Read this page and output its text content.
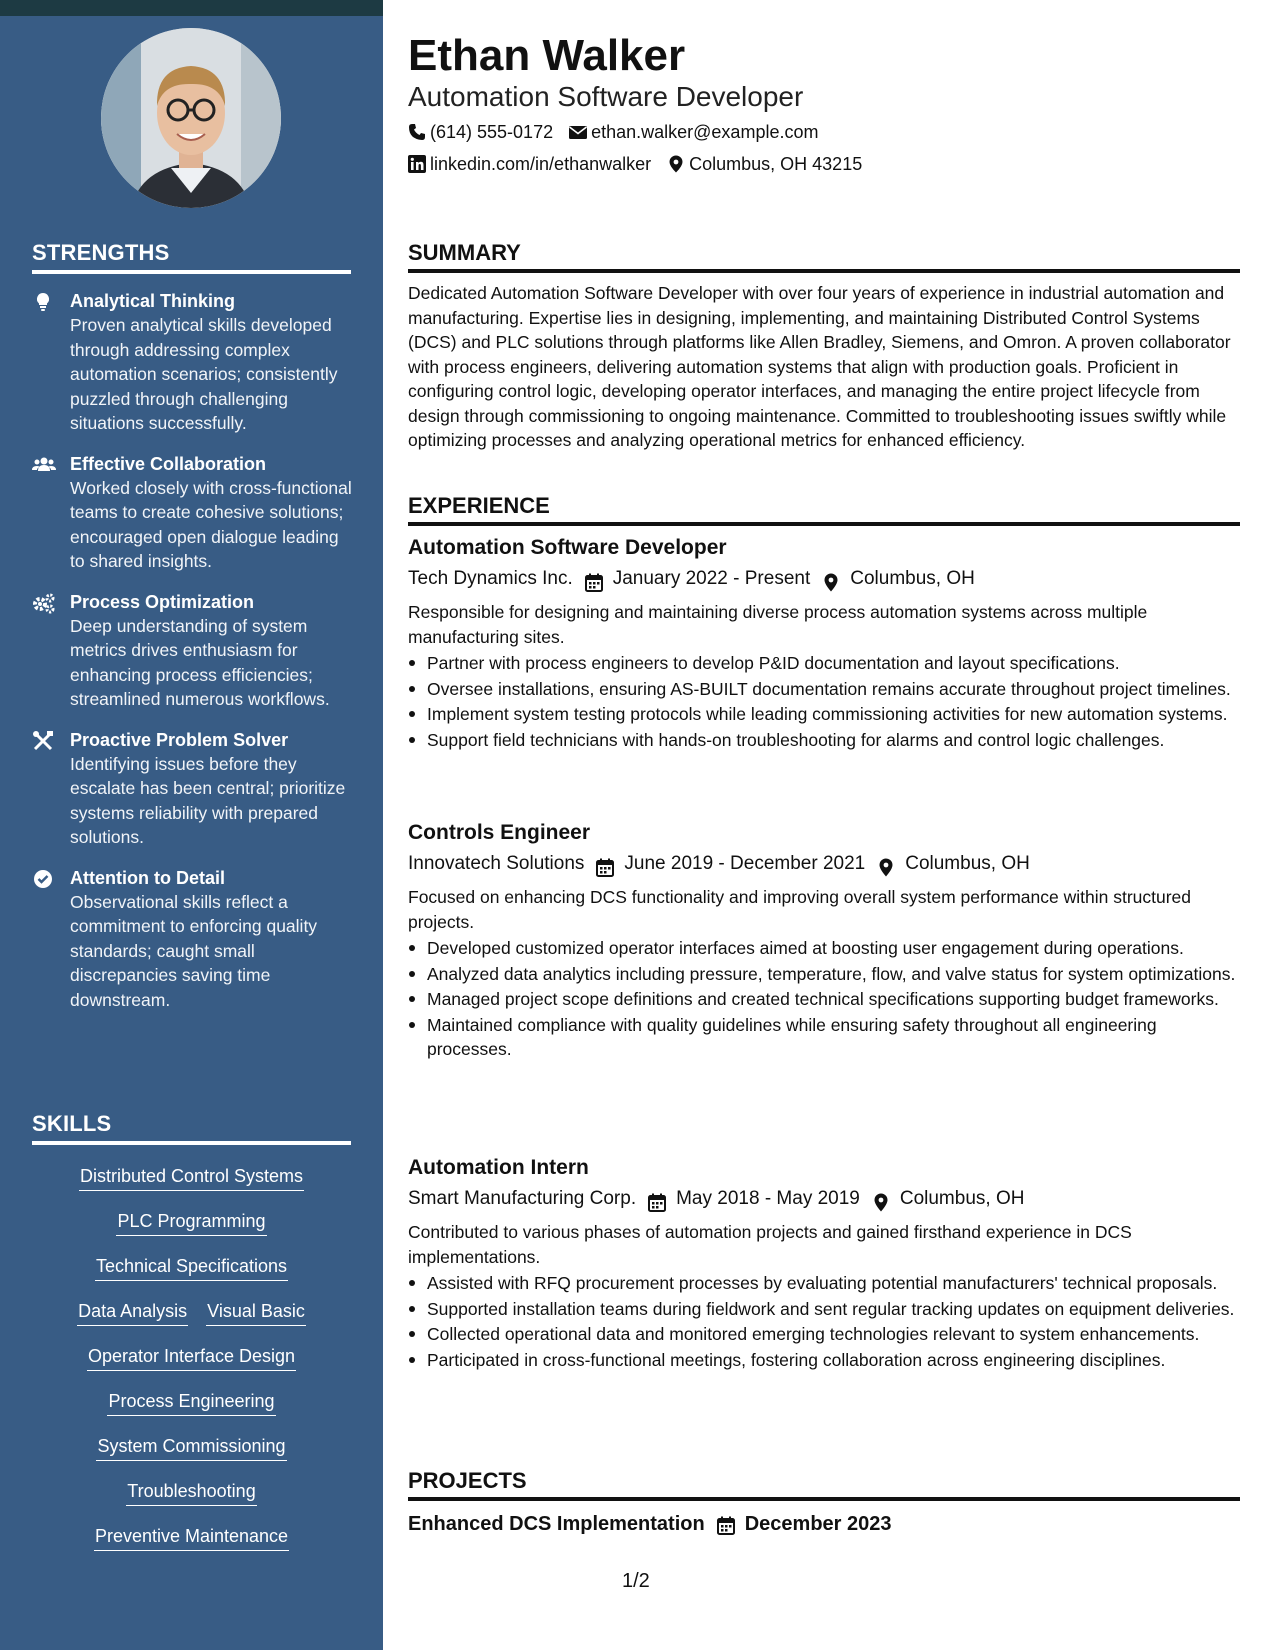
STRENGTHS
Analytical Thinking
Proven analytical skills developed through addressing complex automation scenarios; consistently puzzled through challenging situations successfully.
Effective Collaboration
Worked closely with cross-functional teams to create cohesive solutions; encouraged open dialogue leading to shared insights.
Process Optimization
Deep understanding of system metrics drives enthusiasm for enhancing process efficiencies; streamlined numerous workflows.
Proactive Problem Solver
Identifying issues before they escalate has been central; prioritize systems reliability with prepared solutions.
Attention to Detail
Observational skills reflect a commitment to enforcing quality standards; caught small discrepancies saving time downstream.
SKILLS
Distributed Control Systems
PLC Programming
Technical Specifications
Data Analysis Visual Basic
Operator Interface Design
Process Engineering
System Commissioning
Troubleshooting
Preventive Maintenance
Ethan Walker
Automation Software Developer
(614) 555-0172 ethan.walker@example.com
linkedin.com/in/ethanwalker Columbus, OH 43215
SUMMARY
Dedicated Automation Software Developer with over four years of experience in industrial automation and manufacturing. Expertise lies in designing, implementing, and maintaining Distributed Control Systems (DCS) and PLC solutions through platforms like Allen Bradley, Siemens, and Omron. A proven collaborator with process engineers, delivering automation systems that align with production goals. Proficient in configuring control logic, developing operator interfaces, and managing the entire project lifecycle from design through commissioning to ongoing maintenance. Committed to troubleshooting issues swiftly while optimizing processes and analyzing operational metrics for enhanced efficiency.
EXPERIENCE
Automation Software Developer
Tech Dynamics Inc. January 2022 - Present Columbus, OH
Responsible for designing and maintaining diverse process automation systems across multiple manufacturing sites.
Partner with process engineers to develop P&ID documentation and layout specifications.
Oversee installations, ensuring AS-BUILT documentation remains accurate throughout project timelines.
Implement system testing protocols while leading commissioning activities for new automation systems.
Support field technicians with hands-on troubleshooting for alarms and control logic challenges.
Controls Engineer
Innovatech Solutions June 2019 - December 2021 Columbus, OH
Focused on enhancing DCS functionality and improving overall system performance within structured projects.
Developed customized operator interfaces aimed at boosting user engagement during operations.
Analyzed data analytics including pressure, temperature, flow, and valve status for system optimizations.
Managed project scope definitions and created technical specifications supporting budget frameworks.
Maintained compliance with quality guidelines while ensuring safety throughout all engineering processes.
Automation Intern
Smart Manufacturing Corp. May 2018 - May 2019 Columbus, OH
Contributed to various phases of automation projects and gained firsthand experience in DCS implementations.
Assisted with RFQ procurement processes by evaluating potential manufacturers' technical proposals.
Supported installation teams during fieldwork and sent regular tracking updates on equipment deliveries.
Collected operational data and monitored emerging technologies relevant to system enhancements.
Participated in cross-functional meetings, fostering collaboration across engineering disciplines.
PROJECTS
Enhanced DCS Implementation December 2023
1/2
